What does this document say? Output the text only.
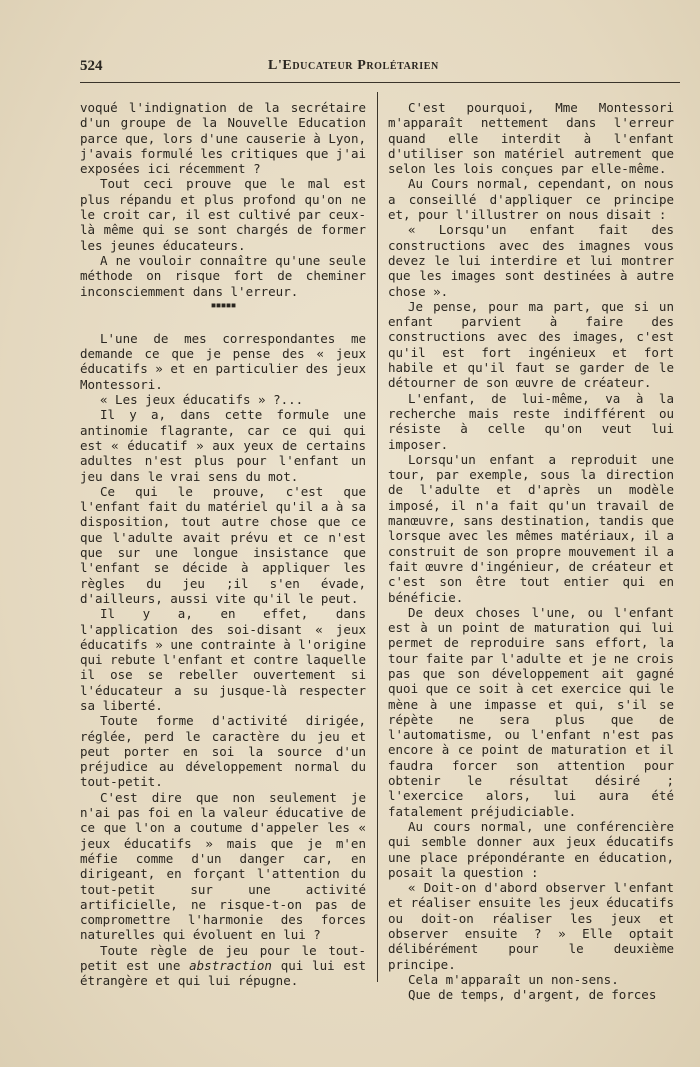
524	L'Educateur Prolétarien

voqué l'indignation de la secrétaire d'un groupe de la Nouvelle Education parce que, lors d'une causerie à Lyon, j'avais formulé les critiques que j'ai exposées ici récemment ?

Tout ceci prouve que le mal est plus répandu et plus profond qu'on ne le croit car, il est cultivé par ceux-là même qui se sont chargés de former les jeunes éducateurs.

A ne vouloir connaître qu'une seule méthode on risque fort de cheminer inconsciemment dans l'erreur.

▪▪▪▪▪

L'une de mes correspondantes me demande ce que je pense des « jeux éducatifs » et en particulier des jeux Montessori.

« Les jeux éducatifs » ?...

Il y a, dans cette formule une antinomie flagrante, car ce qui qui est « éducatif » aux yeux de certains adultes n'est plus pour l'enfant un jeu dans le vrai sens du mot.

Ce qui le prouve, c'est que l'enfant fait du matériel qu'il a à sa disposition, tout autre chose que ce que l'adulte avait prévu et ce n'est que sur une longue insistance que l'enfant se décide à appliquer les règles du jeu ;il s'en évade, d'ailleurs, aussi vite qu'il le peut.

Il y a, en effet, dans l'application des soi-disant « jeux éducatifs » une contrainte à l'origine qui rebute l'enfant et contre laquelle il ose se rebeller ouvertement si l'éducateur a su jusque-là respecter sa liberté.

Toute forme d'activité dirigée, réglée, perd le caractère du jeu et peut porter en soi la source d'un préjudice au développement normal du tout-petit.

C'est dire que non seulement je n'ai pas foi en la valeur éducative de ce que l'on a coutume d'appeler les « jeux éducatifs » mais que je m'en méfie comme d'un danger car, en dirigeant, en forçant l'attention du tout-petit sur une activité artificielle, ne risque-t-on pas de compromettre l'harmonie des forces naturelles qui évoluent en lui ?

Toute règle de jeu pour le tout-petit est une abstraction qui lui est étrangère et qui lui répugne.

C'est pourquoi, Mme Montessori m'apparaît nettement dans l'erreur quand elle interdit à l'enfant d'utiliser son matériel autrement que selon les lois conçues par elle-même.

Au Cours normal, cependant, on nous a conseillé d'appliquer ce principe et, pour l'illustrer on nous disait :

« Lorsqu'un enfant fait des constructions avec des imagnes vous devez le lui interdire et lui montrer que les images sont destinées à autre chose ».

Je pense, pour ma part, que si un enfant parvient à faire des constructions avec des images, c'est qu'il est fort ingénieux et fort habile et qu'il faut se garder de le détourner de son œuvre de créateur.

L'enfant, de lui-même, va à la recherche mais reste indifférent ou résiste à celle qu'on veut lui imposer.

Lorsqu'un enfant a reproduit une tour, par exemple, sous la direction de l'adulte et d'après un modèle imposé, il n'a fait qu'un travail de manœuvre, sans destination, tandis que lorsque avec les mêmes matériaux, il a construit de son propre mouvement il a fait œuvre d'ingénieur, de créateur et c'est son être tout entier qui en bénéficie.

De deux choses l'une, ou l'enfant est à un point de maturation qui lui permet de reproduire sans effort, la tour faite par l'adulte et je ne crois pas que son développement ait gagné quoi que ce soit à cet exercice qui le mène à une impasse et qui, s'il se répète ne sera plus que de l'automatisme, ou l'enfant n'est pas encore à ce point de maturation et il faudra forcer son attention pour obtenir le résultat désiré ; l'exercice alors, lui aura été fatalement préjudiciable.

Au cours normal, une conférencière qui semble donner aux jeux éducatifs une place prépondérante en éducation, posait la question :

« Doit-on d'abord observer l'enfant et réaliser ensuite les jeux éducatifs ou doit-on réaliser les jeux et observer ensuite ? » Elle optait délibérément pour le deuxième principe.

Cela m'apparaît un non-sens.

Que de temps, d'argent, de forces
